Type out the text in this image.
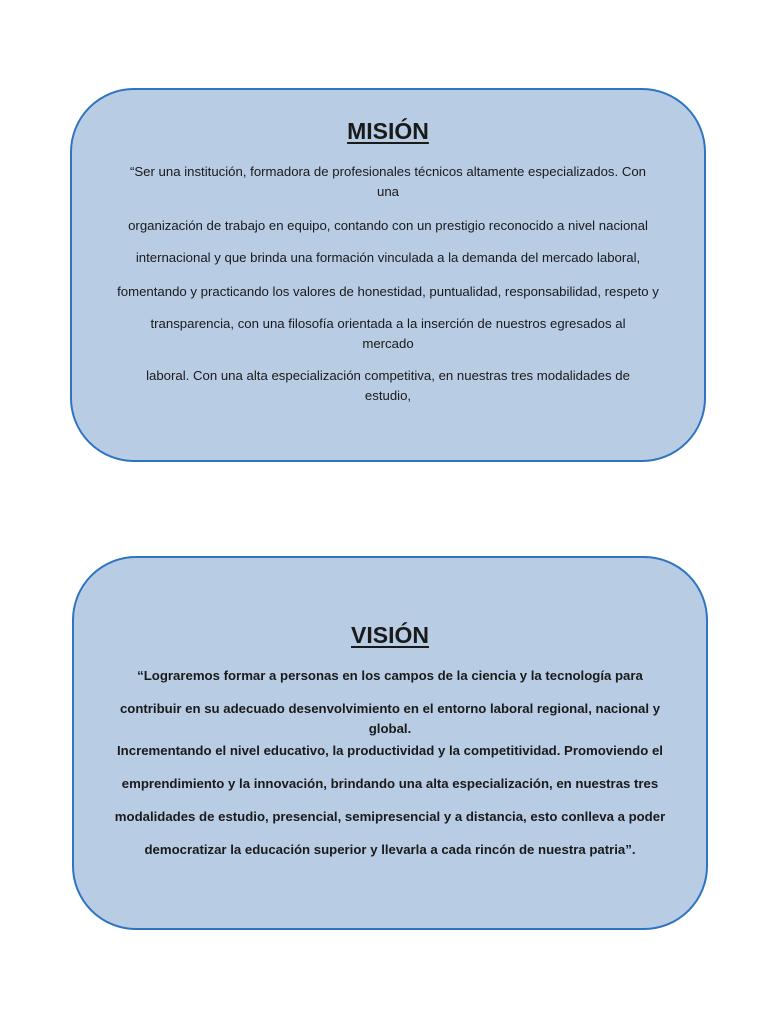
MISIÓN

“Ser una institución, formadora de profesionales técnicos altamente especializados. Con una

organización de trabajo en equipo, contando con un prestigio reconocido a nivel nacional

internacional y que brinda una formación vinculada a la demanda del mercado laboral,

fomentando y practicando los valores de honestidad, puntualidad, responsabilidad, respeto y

transparencia, con una filosofía orientada a la inserción de nuestros egresados al mercado

laboral. Con una alta especialización competitiva, en nuestras tres modalidades de estudio,

VISIÓN

“Lograremos formar a personas en los campos de la ciencia y la tecnología para

contribuir en su adecuado desenvolvimiento en el entorno laboral regional, nacional y global.

Incrementando el nivel educativo, la productividad y la competitividad. Promoviendo el

emprendimiento y la innovación, brindando una alta especialización, en nuestras tres

modalidades de estudio, presencial, semipresencial y a distancia, esto conlleva a poder

democratizar la educación superior y llevarla a cada rincón de nuestra patria”.
